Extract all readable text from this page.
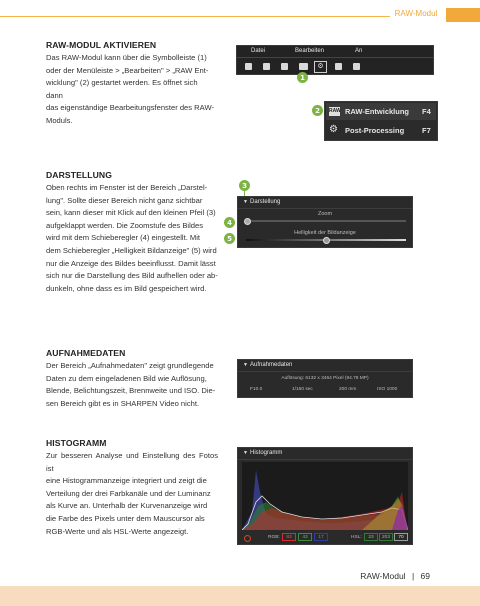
RAW-Modul
RAW-MODUL AKTIVIEREN
Das RAW-Modul kann über die Symbolleiste (1)
oder der Menüleiste > „Bearbeiten" > „RAW Ent-
wicklung" (2) gestartet werden. Es öffnet sich dann
das eigenständige Bearbeitungsfenster des RAW-
Moduls.
Datei	Bearbeiten	An
⚙
1
2	RAW RAW-Entwicklung F4
⚙ Post-Processing F7
DARSTELLUNG
Oben rechts im Fenster ist der Bereich „Darstel-
lung". Sollte dieser Bereich nicht ganz sichtbar
sein, kann dieser mit Klick auf den kleinen Pfeil (3)
aufgeklappt werden. Die Zoomstufe des Bildes
wird mit dem Schieberegler (4) eingestellt. Mit
dem Schieberegler „Helligkeit Bildanzeige" (5) wird
nur die Anzeige des Bildes beeinflusst. Damit lässt
sich nur die Darstellung des Bild aufhellen oder ab-
dunkeln, ohne dass es im Bild gespeichert wird.
3
▼ Darstellung
Zoom
Helligkeit der Bildanzeige
4
5
AUFNAHMEDATEN
Der Bereich „Aufnahmedaten" zeigt grundlegende
Daten zu dem eingeladenen Bild wie Auflösung,
Blende, Belichtungszeit, Brennweite und ISO. Die-
sen Bereich gibt es in SHARPEN Video nicht.
▼ Aufnahmedaten
Auflösung: 6132 x 3464 Pixel (94.78 MP)
F10.0	1/160 sec	200 mm	ISO 1000
HISTOGRAMM
Zur besseren Analyse und Einstellung des Fotos ist
eine Histogrammanzeige integriert und zeigt die
Verteilung der drei Farbkanäle und der Luminanz
als Kurve an. Unterhalb der Kurvenanzeige wird
die Farbe des Pixels unter dem Mauscursor als
RGB-Werte und als HSL-Werte angezeigt.
▼ Histogramm
RGB:	83	43	17	HSL:	23	203	70
RAW-Modul | 69
